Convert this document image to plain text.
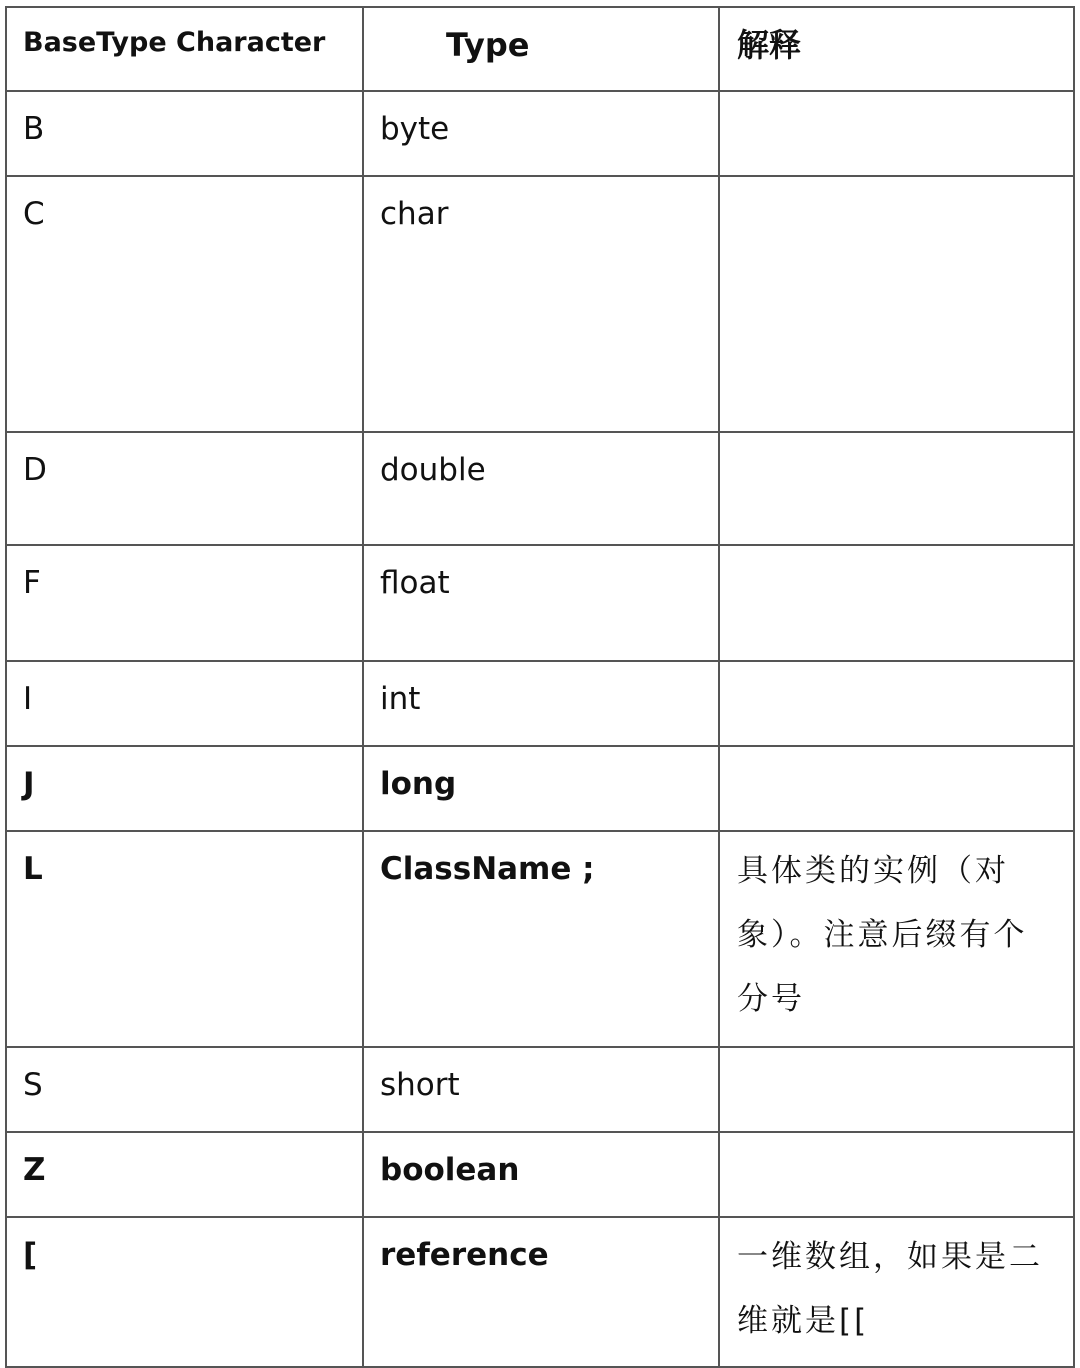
BaseType Character	Type	解释
B	byte	
C	char	
D	double	
F	float	
I	int	
J	long	
L	ClassName ;	具体类的实例（对象）。注意后缀有个分号

S	short	
Z	boolean	
[	reference	一维数组，如果是二维就是[[
